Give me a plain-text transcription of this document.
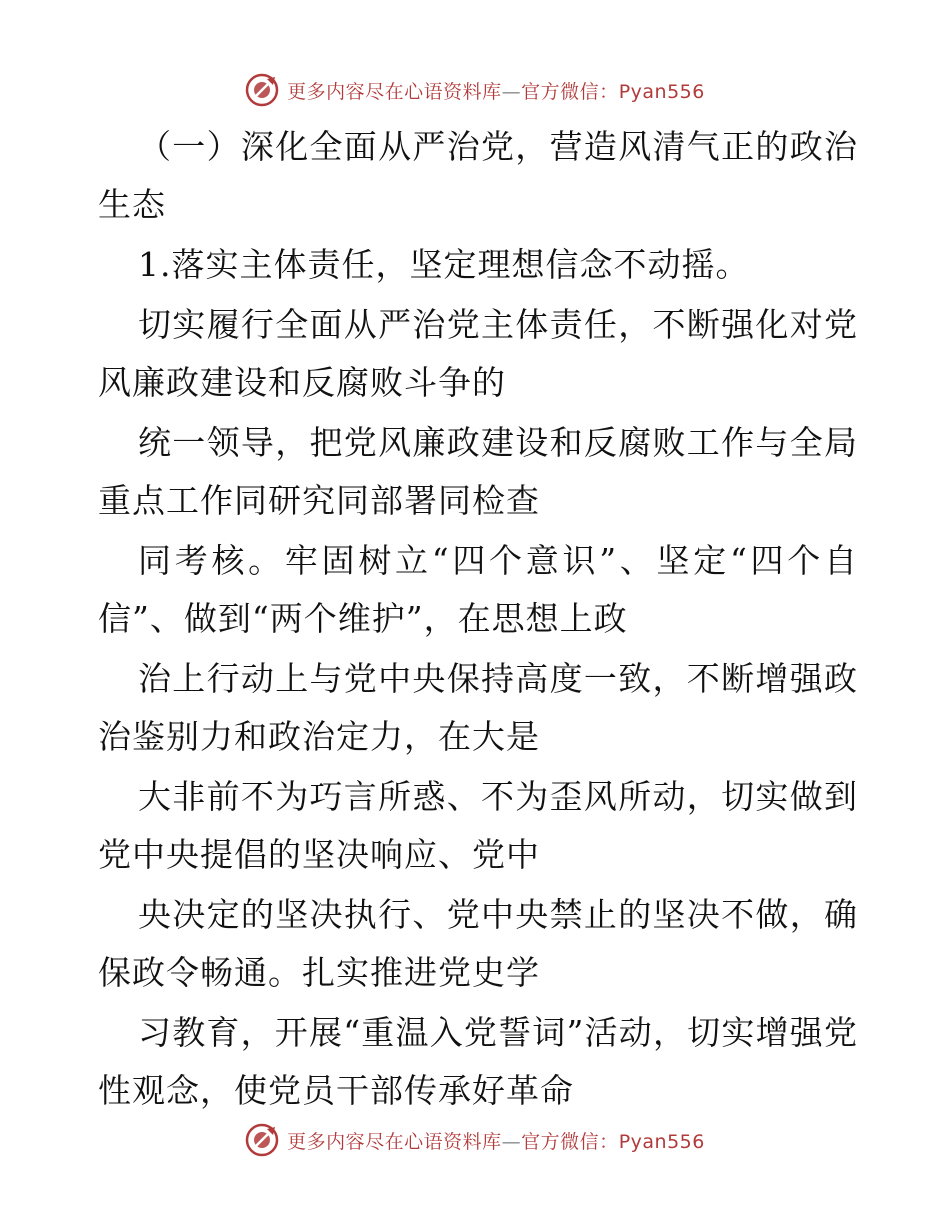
更多内容尽在心语资料库—官方微信：Pyan556

（一）深化全面从严治党，营造风清气正的政治生态

1.落实主体责任，坚定理想信念不动摇。

切实履行全面从严治党主体责任，不断强化对党风廉政建设和反腐败斗争的

统一领导，把党风廉政建设和反腐败工作与全局重点工作同研究同部署同检查

同考核。牢固树立“四个意识”、坚定“四个自信”、做到“两个维护”，在思想上政

治上行动上与党中央保持高度一致，不断增强政治鉴别力和政治定力，在大是

大非前不为巧言所惑、不为歪风所动，切实做到党中央提倡的坚决响应、党中

央决定的坚决执行、党中央禁止的坚决不做，确保政令畅通。扎实推进党史学

习教育，开展“重温入党誓词”活动，切实增强党性观念，使党员干部传承好革命

更多内容尽在心语资料库—官方微信：Pyan556
